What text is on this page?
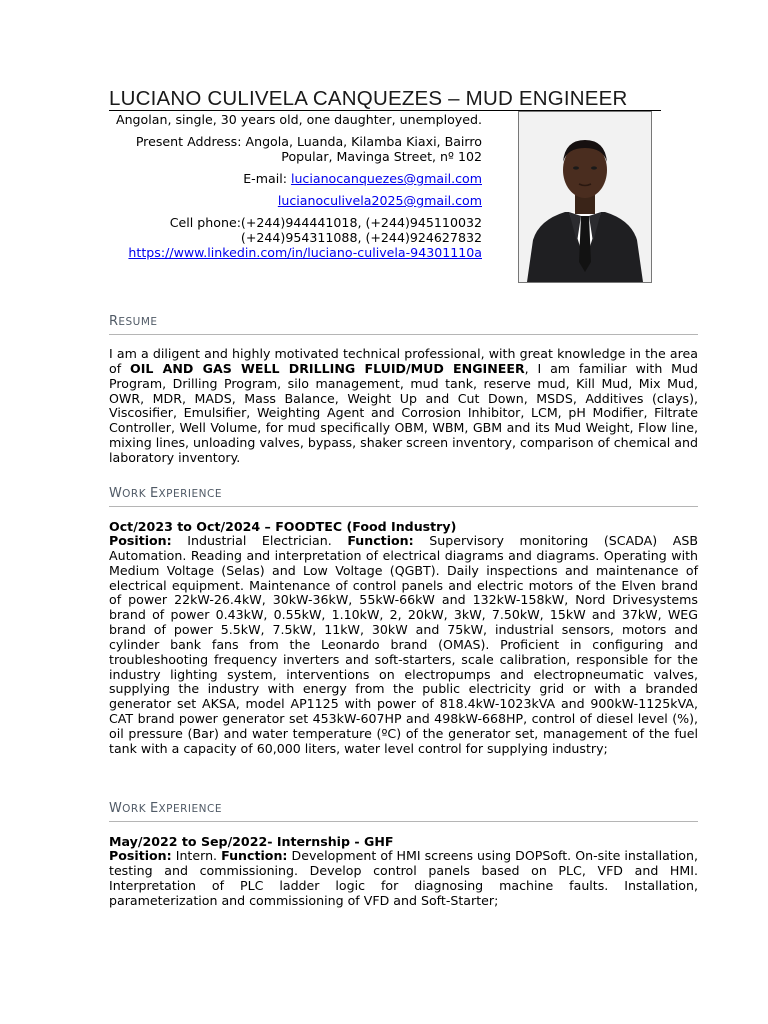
LUCIANO CULIVELA CANQUEZES – MUD ENGINEER

Angolan, single, 30 years old, one daughter, unemployed.

Present Address: Angola, Luanda, Kilamba Kiaxi, Bairro Popular, Mavinga Street, nº 102

E-mail: lucianocanquezes@gmail.com

lucianoculivela2025@gmail.com

Cell phone:(+244)944441018, (+244)945110032

(+244)954311088, (+244)924627832

https://www.linkedin.com/in/luciano-culivela-94301110a

RESUME
I am a diligent and highly motivated technical professional, with great knowledge in the area of OIL AND GAS WELL DRILLING FLUID/MUD ENGINEER, I am familiar with Mud Program, Drilling Program, silo management, mud tank, reserve mud, Kill Mud, Mix Mud, OWR, MDR, MADS, Mass Balance, Weight Up and Cut Down, MSDS, Additives (clays), Viscosifier, Emulsifier, Weighting Agent and Corrosion Inhibitor, LCM, pH Modifier, Filtrate Controller, Well Volume, for mud specifically OBM, WBM, GBM and its Mud Weight, Flow line, mixing lines, unloading valves, bypass, shaker screen inventory, comparison of chemical and laboratory inventory.
WORK EXPERIENCE
Oct/2023 to Oct/2024 – FOODTEC (Food Industry)
Position: Industrial Electrician. Function: Supervisory monitoring (SCADA) ASB Automation. Reading and interpretation of electrical diagrams and diagrams. Operating with Medium Voltage (Selas) and Low Voltage (QGBT). Daily inspections and maintenance of electrical equipment. Maintenance of control panels and electric motors of the Elven brand of power 22kW-26.4kW, 30kW-36kW, 55kW-66kW and 132kW-158kW, Nord Drivesystems brand of power 0.43kW, 0.55kW, 1.10kW, 2, 20kW, 3kW, 7.50kW, 15kW and 37kW, WEG brand of power 5.5kW, 7.5kW, 11kW, 30kW and 75kW, industrial sensors, motors and cylinder bank fans from the Leonardo brand (OMAS). Proficient in configuring and troubleshooting frequency inverters and soft-starters, scale calibration, responsible for the industry lighting system, interventions on electropumps and electropneumatic valves, supplying the industry with energy from the public electricity grid or with a branded generator set AKSA, model AP1125 with power of 818.4kW-1023kVA and 900kW-1125kVA, CAT brand power generator set 453kW-607HP and 498kW-668HP, control of diesel level (%), oil pressure (Bar) and water temperature (ºC) of the generator set, management of the fuel tank with a capacity of 60,000 liters, water level control for supplying industry;
WORK EXPERIENCE
May/2022 to Sep/2022- Internship - GHF
Position: Intern. Function: Development of HMI screens using DOPSoft. On-site installation, testing and commissioning. Develop control panels based on PLC, VFD and HMI. Interpretation of PLC ladder logic for diagnosing machine faults. Installation, parameterization and commissioning of VFD and Soft-Starter;
